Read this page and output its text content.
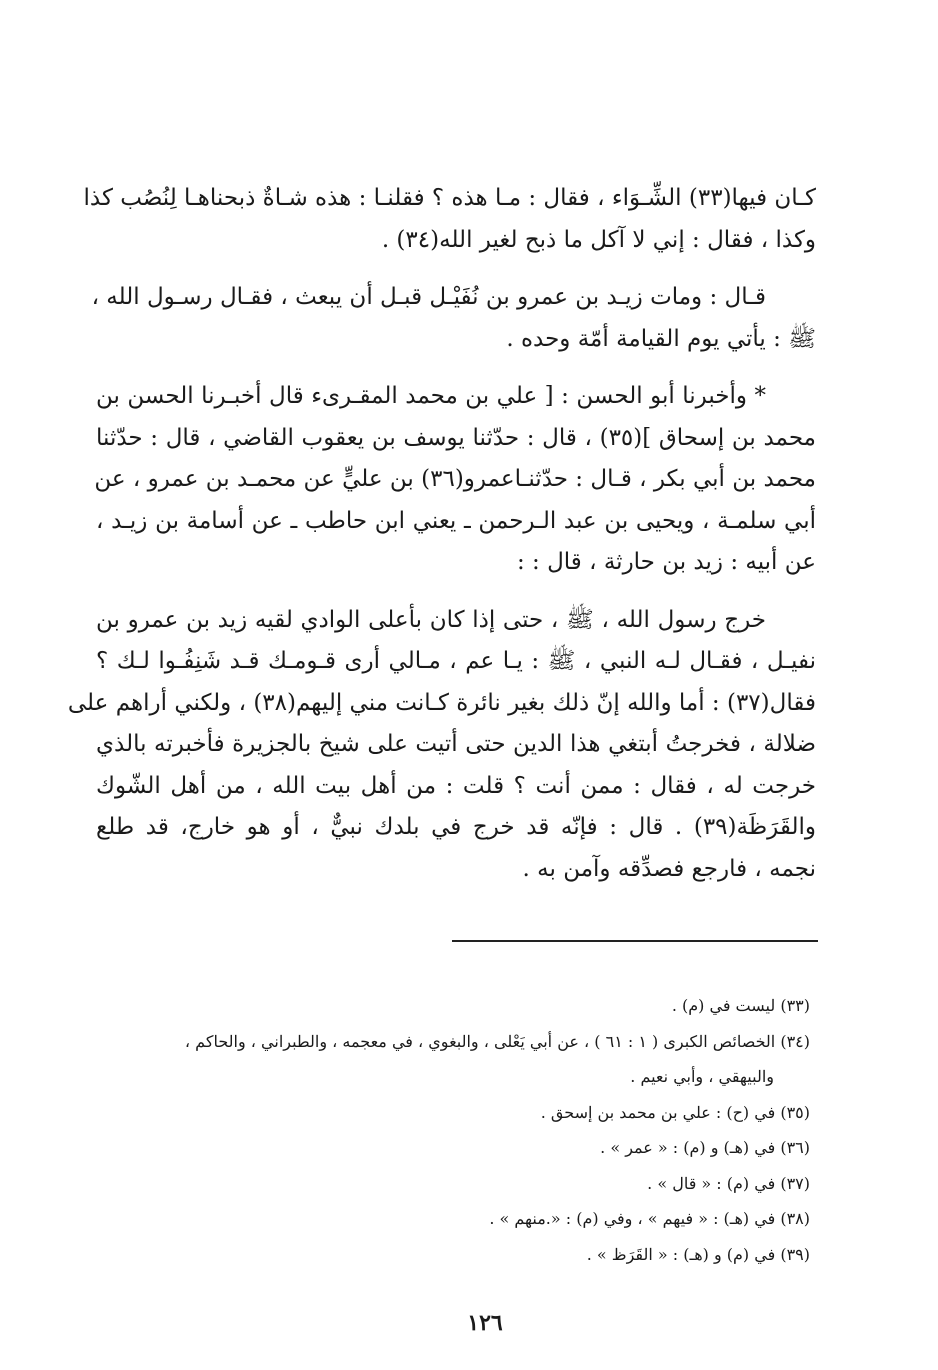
كـان فيها(٣٣) الشِّـوَاء ، فقال : مـا هذه ؟ فقلنـا : هذه شـاةٌ ذبحناهـا لِنُصُب كذا
وكذا ، فقال : إني لا آكل ما ذبح لغير الله(٣٤) .

قـال : ومات زيـد بن عمرو بن نُفَيْـل قبـل أن يبعث ، فقـال رسـول الله ،
ﷺ : يأتي يوم القيامة أمّة وحده .

* وأخبرنا أبو الحسن : [ علي بن محمد المقـرىء قال أخبـرنا الحسن بن
محمد بن إسحاق ](٣٥) ، قال : حدّثنا يوسف بن يعقوب القاضي ، قال : حدّثنا
محمد بن أبي بكر ، قـال : حدّثنـاعمرو(٣٦) بن عليٍّ عن محمـد بن عمرو ، عن
أبي سلمـة ، ويحيى بن عبد الـرحمن ـ يعني ابن حاطب ـ عن أسامة بن زيـد ،
عن أبيه : زيد بن حارثة ، قال : :

خرج رسول الله ، ﷺ ، حتى إذا كان بأعلى الوادي لقيه زيد بن عمرو بن
نفيـل ، فقـال لـه النبي ، ﷺ : يـا عم ، مـالي أرى قـومـك قـد شَنِفُـوا لـك ؟
فقال(٣٧) : أما والله إنّ ذلك بغير نائرة كـانت مني إليهم(٣٨) ، ولكني أراهم على
ضلالة ، فخرجتُ أبتغي هذا الدين حتى أتيت على شيخ بالجزيرة فأخبرته بالذي
خرجت له ، فقال : ممن أنت ؟ قلت : من أهل بيت الله ، من أهل الشّوك
والقَرَظَة(٣٩) . قال : فإنّه قد خرج في بلدك نبيٌّ ، أو هو خارج، قد طلع
نجمه ، فارجع فصدِّقه وآمن به .

(٣٣) ليست في (م) .
(٣٤) الخصائص الكبرى ( ١ : ٦١ ) ، عن أبي يَعْلى ، والبغوي ، في معجمه ، والطبراني ، والحاكم ،
والبيهقي ، وأبي نعيم .
(٣٥) في (ح) : علي بن محمد بن إسحق .
(٣٦) في (هـ) و (م) : « عمر » .
(٣٧) في (م) : « قال » .
(٣٨) في (هـ) : « فيهم » ، وفي (م) : «.منهم » .
(٣٩) في (م) و (هـ) : « القَرَظ » .
١٢٦
